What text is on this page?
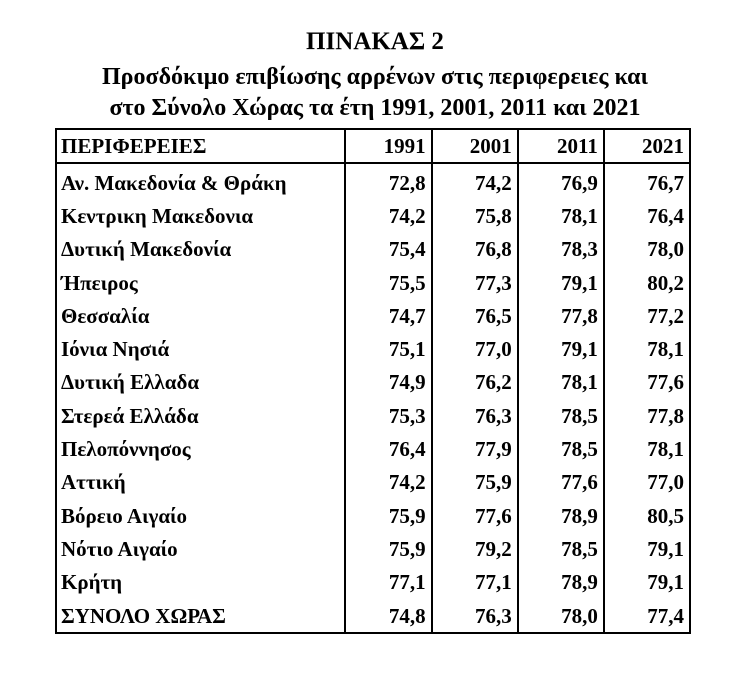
ΠΙΝΑΚΑΣ 2
Προσδόκιμο επιβίωσης αρρένων στις περιφερειες και
στο Σύνολο Χώρας τα έτη 1991, 2001, 2011 και 2021
ΠΕΡΙΦΕΡΕΙΕΣ	1991	2001	2011	2021
Αν. Μακεδονία & Θράκη	72,8	74,2	76,9	76,7
Κεντρικη Μακεδονια	74,2	75,8	78,1	76,4
Δυτική Μακεδονία	75,4	76,8	78,3	78,0
Ήπειρος	75,5	77,3	79,1	80,2
Θεσσαλία	74,7	76,5	77,8	77,2
Ιόνια Νησιά	75,1	77,0	79,1	78,1
Δυτική Ελλαδα	74,9	76,2	78,1	77,6
Στερεά Ελλάδα	75,3	76,3	78,5	77,8
Πελοπόννησος	76,4	77,9	78,5	78,1
Αττική	74,2	75,9	77,6	77,0
Βόρειο Αιγαίο	75,9	77,6	78,9	80,5
Νότιο Αιγαίο	75,9	79,2	78,5	79,1
Κρήτη	77,1	77,1	78,9	79,1
ΣΥΝΟΛΟ ΧΩΡΑΣ	74,8	76,3	78,0	77,4
